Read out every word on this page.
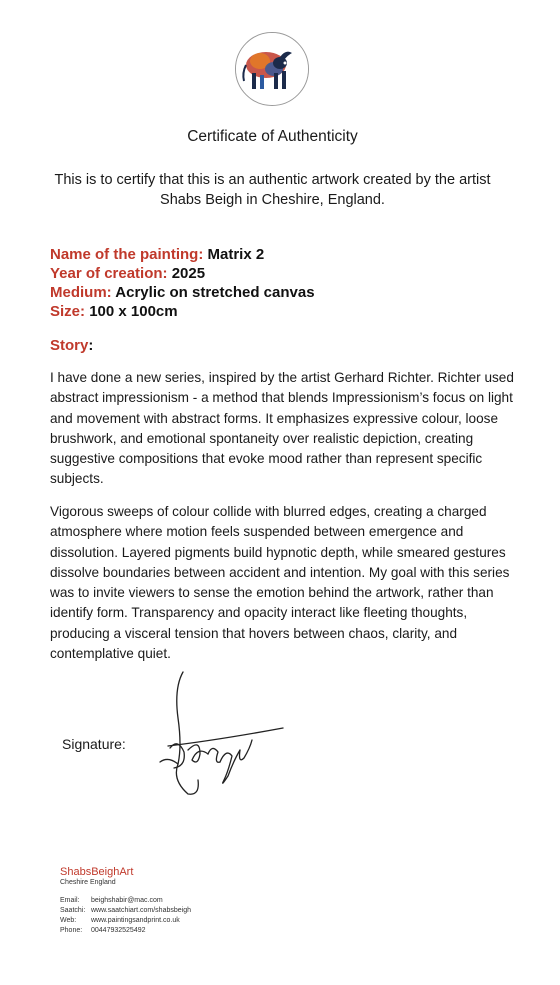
Certificate of Authenticity
This is to certify that this is an authentic artwork created by the artist
Shabs Beigh in Cheshire, England.
Name of the painting: Matrix 2
Year of creation: 2025
Medium: Acrylic on stretched canvas
Size: 100 x 100cm
Story:
I have done a new series, inspired by the artist Gerhard Richter. Richter used abstract impressionism - a method that blends Impressionism’s focus on light and movement with abstract forms. It emphasizes expressive colour, loose brushwork, and emotional spontaneity over realistic depiction, creating suggestive compositions that evoke mood rather than represent specific subjects.
Vigorous sweeps of colour collide with blurred edges, creating a charged atmosphere where motion feels suspended between emergence and dissolution. Layered pigments build hypnotic depth, while smeared gestures dissolve boundaries between accident and intention. My goal with this series was to invite viewers to sense the emotion behind the artwork, rather than identify form. Transparency and opacity interact like fleeting thoughts, producing a visceral tension that hovers between chaos, clarity, and contemplative quiet.
Signature:
ShabsBeighArt
Cheshire England
Email:	beighshabir@mac.com
Saatchi: www.saatchiart.com/shabsbeigh
Web:	www.paintingsandprint.co.uk
Phone:	00447932525492
